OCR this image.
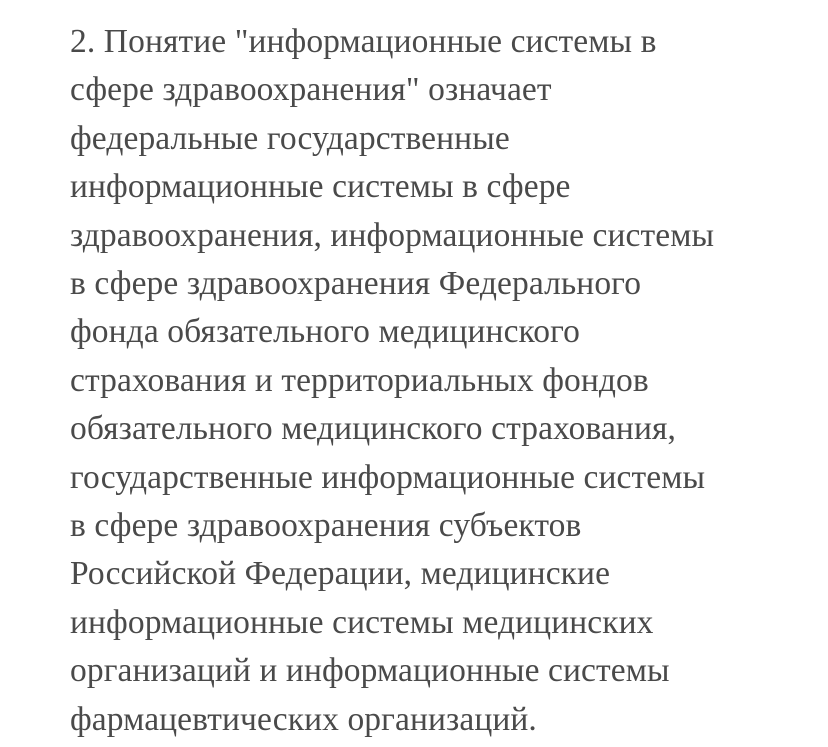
2. Понятие "информационные системы в
сфере здравоохранения" означает
федеральные государственные
информационные системы в сфере
здравоохранения, информационные системы
в сфере здравоохранения Федерального
фонда обязательного медицинского
страхования и территориальных фондов
обязательного медицинского страхования,
государственные информационные системы
в сфере здравоохранения субъектов
Российской Федерации, медицинские
информационные системы медицинских
организаций и информационные системы
фармацевтических организаций.
